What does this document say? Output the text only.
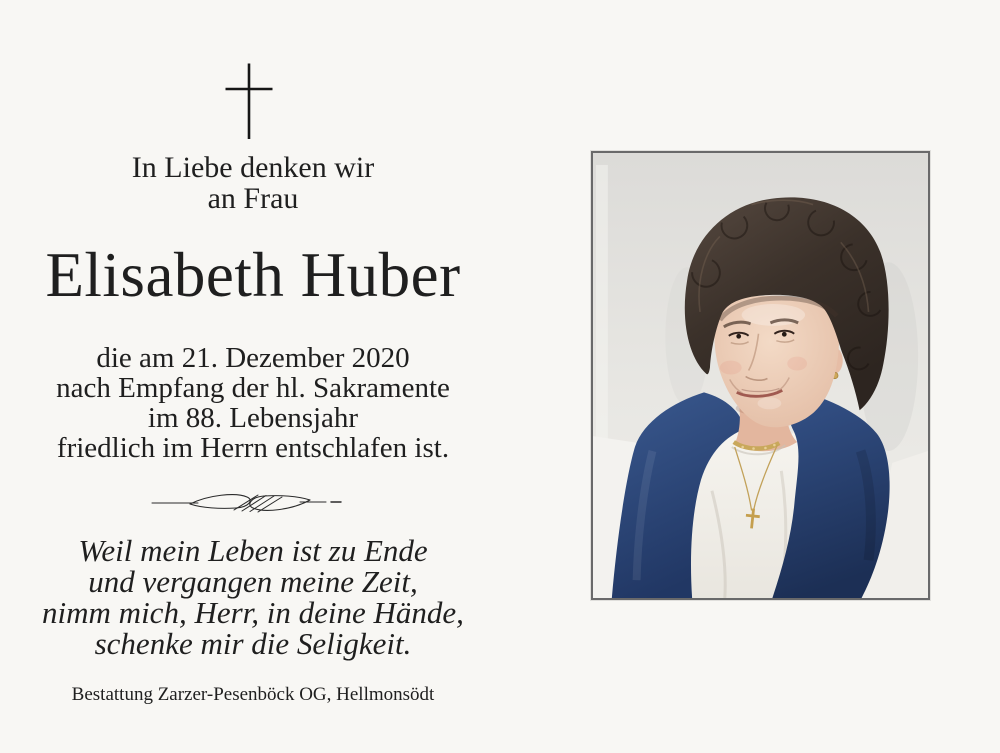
In Liebe denken wir
an Frau
Elisabeth Huber
die am 21. Dezember 2020
nach Empfang der hl. Sakramente
im 88. Lebensjahr
friedlich im Herrn entschlafen ist.
Weil mein Leben ist zu Ende
und vergangen meine Zeit,
nimm mich, Herr, in deine Hände,
schenke mir die Seligkeit.
Bestattung Zarzer-Pesenböck OG, Hellmonsödt
